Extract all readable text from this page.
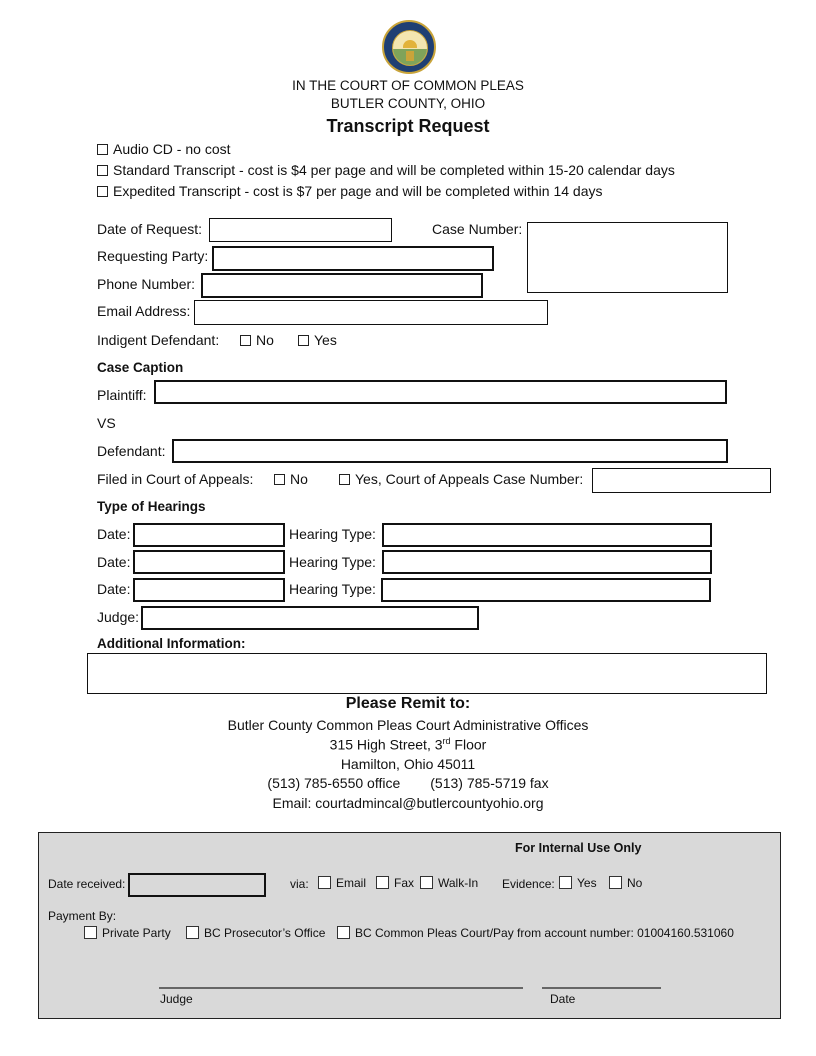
IN THE COURT OF COMMON PLEAS
BUTLER COUNTY, OHIO
Transcript Request
Audio CD - no cost
Standard Transcript - cost is $4 per page and will be completed within 15-20 calendar days
Expedited Transcript - cost is $7 per page and will be completed within 14 days
Date of Request:	Case Number:
Requesting Party:
Phone Number:
Email Address:
Indigent Defendant:	No	Yes
Case Caption
Plaintiff:
VS
Defendant:
Filed in Court of Appeals:	No	Yes, Court of Appeals Case Number:
Type of Hearings
Date:	Hearing Type:
Date:	Hearing Type:
Date:	Hearing Type:
Judge:
Additional Information:
Please Remit to:
Butler County Common Pleas Court Administrative Offices
315 High Street, 3rd Floor
Hamilton, Ohio 45011
(513) 785-6550 office (513) 785-5719 fax
Email: courtadmincal@butlercountyohio.org
For Internal Use Only
Date received:	via:	Email	Fax	Walk-In Evidence:	Yes	No
Payment By:
Private Party	BC Prosecutor’s Office	BC Common Pleas Court/Pay from account number: 01004160.531060
Judge	Date
